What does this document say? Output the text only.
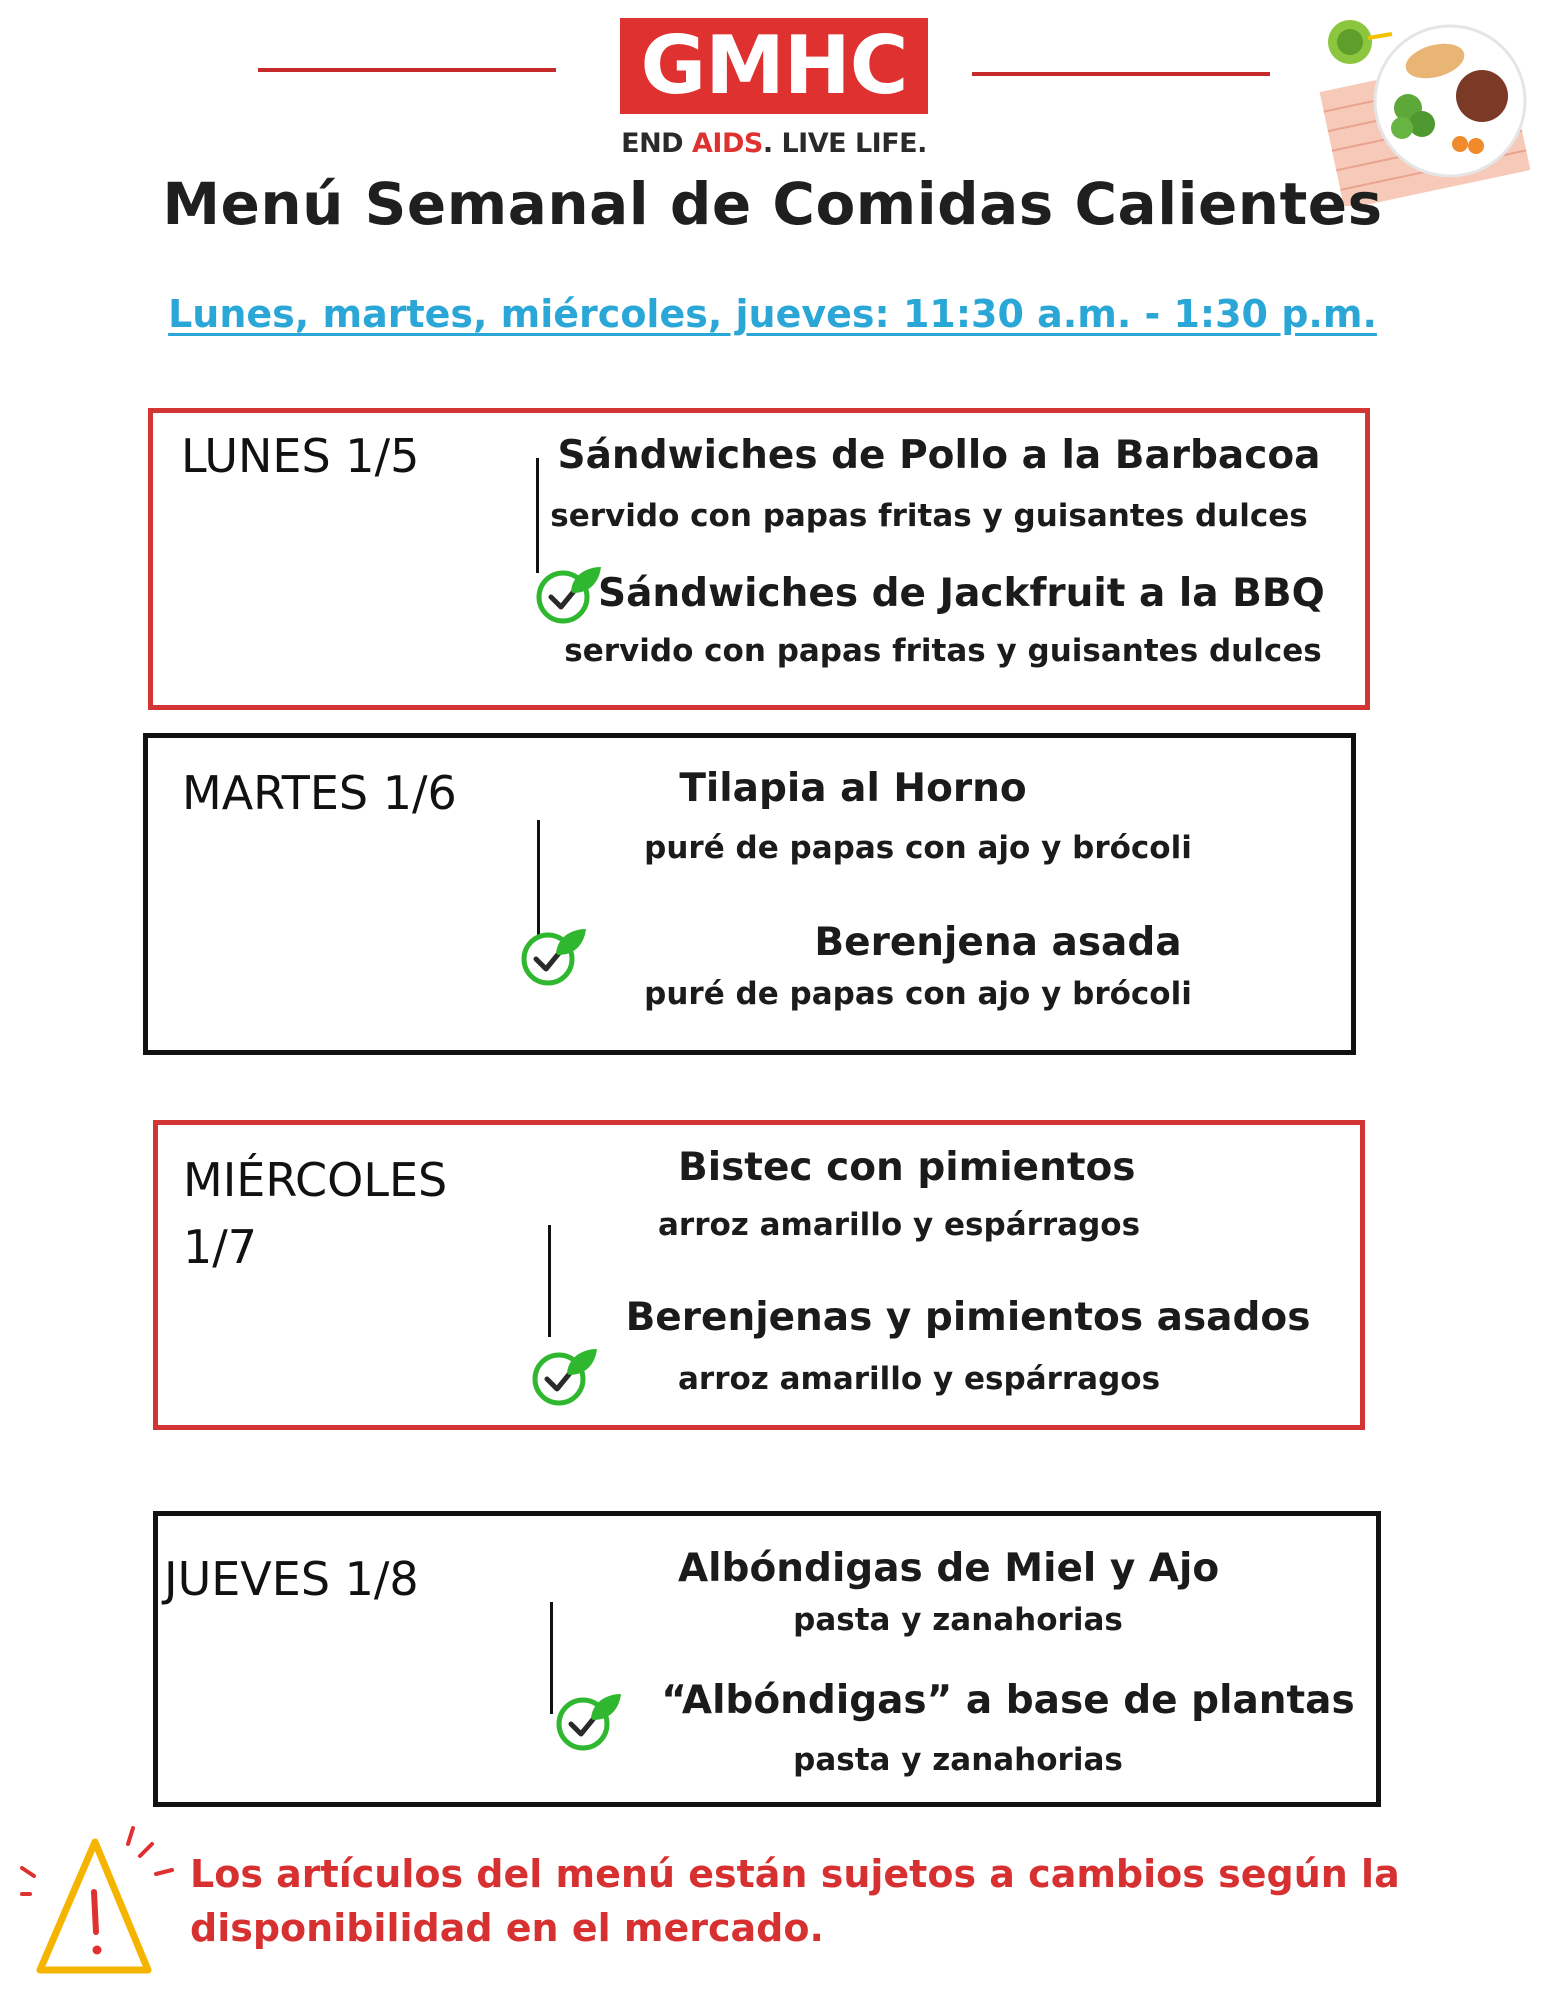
GMHC
END AIDS. LIVE LIFE.
Menú Semanal de Comidas Calientes
Lunes, martes, miércoles, jueves: 11:30 a.m. - 1:30 p.m.
LUNES 1/5	Sándwiches de Pollo a la Barbacoa
servido con papas fritas y guisantes dulces
Sándwiches de Jackfruit a la BBQ
servido con papas fritas y guisantes dulces
MARTES 1/6	Tilapia al Horno
puré de papas con ajo y brócoli
Berenjena asada
puré de papas con ajo y brócoli
MIÉRCOLES
1/7
Bistec con pimientos
arroz amarillo y espárragos
Berenjenas y pimientos asados
arroz amarillo y espárragos
JUEVES 1/8	Albóndigas de Miel y Ajo
pasta y zanahorias
“Albóndigas” a base de plantas
pasta y zanahorias
Los artículos del menú están sujetos a cambios según la disponibilidad en el mercado.
